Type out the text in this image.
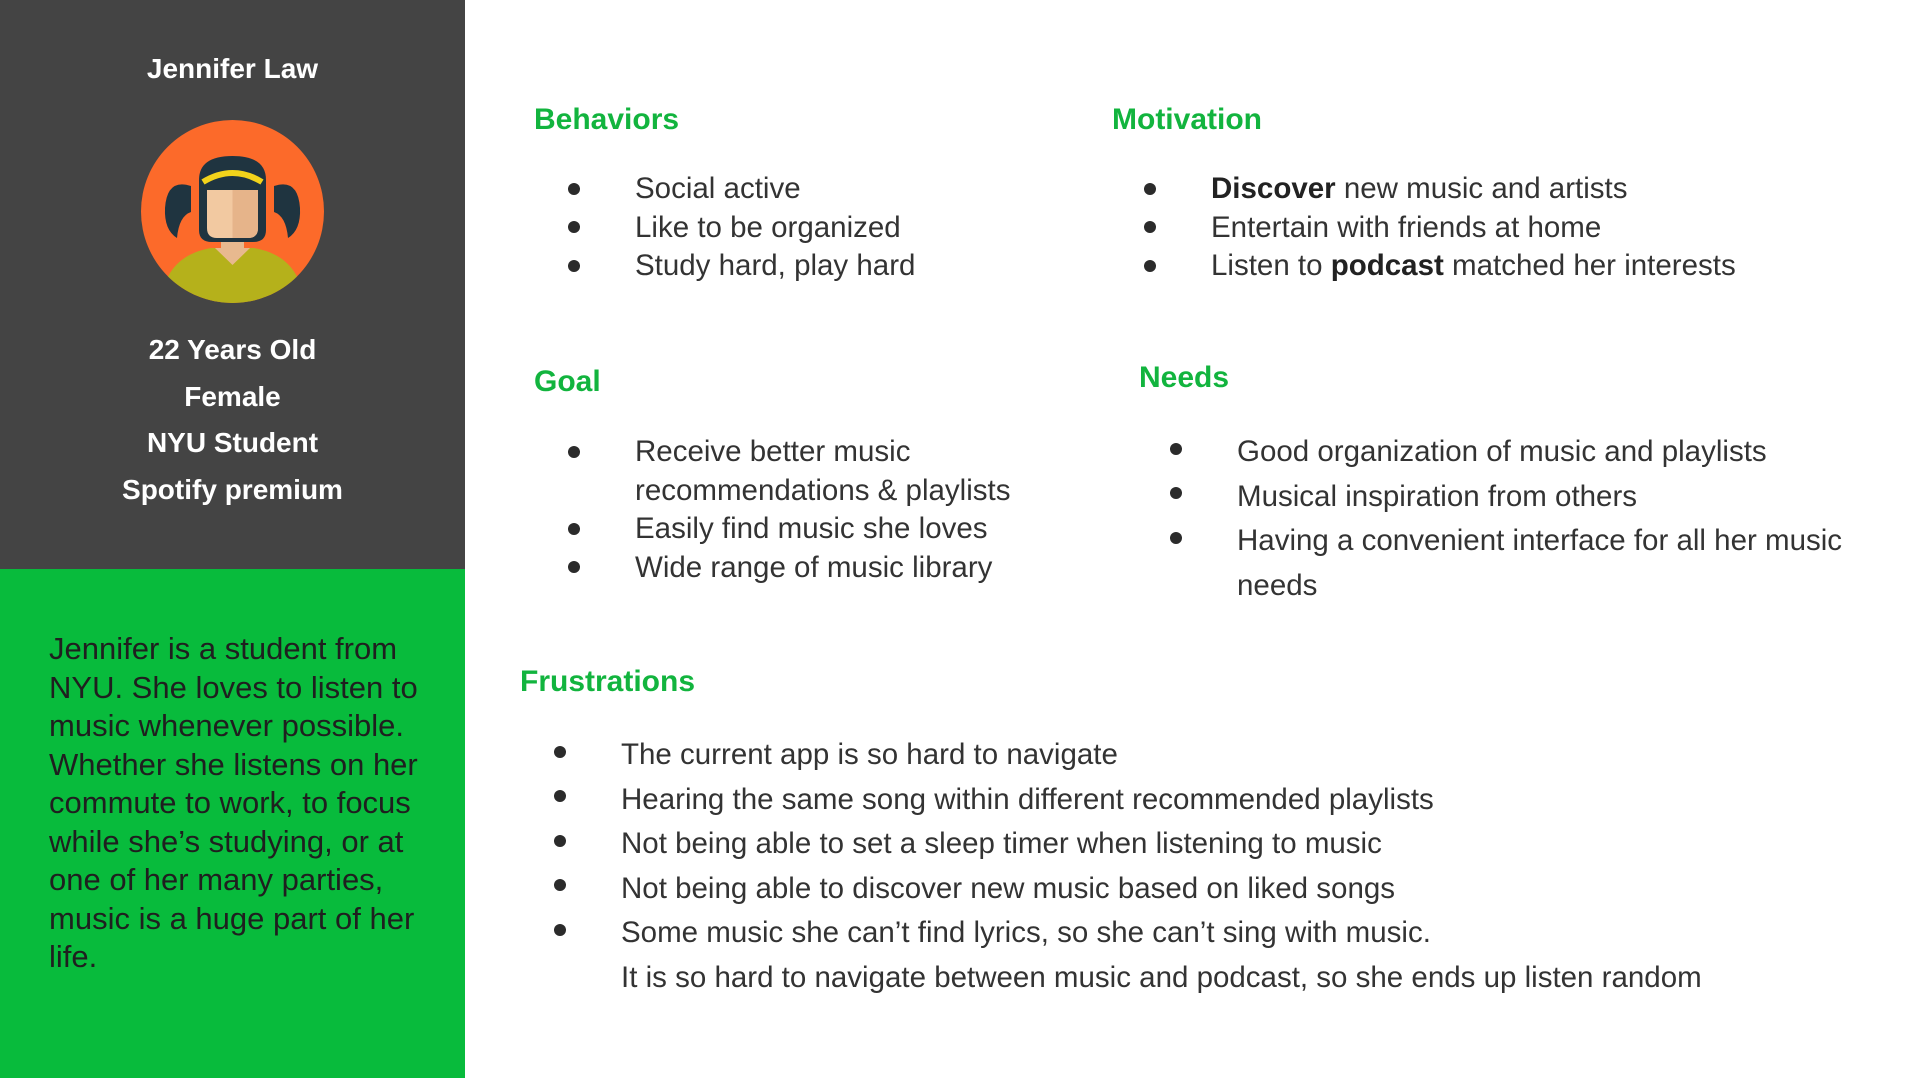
Jennifer Law
22 Years Old
Female
NYU Student
Spotify premium

Jennifer is a student from NYU. She loves to listen to music whenever possible. Whether she listens on her commute to work, to focus while she’s studying, or at one of her many parties, music is a huge part of her life.

Behaviors
Social active
Like to be organized
Study hard, play hard
Motivation
Discover new music and artists
Entertain with friends at home
Listen to podcast matched her interests
Goal
Receive better music recommendations & playlists
Easily find music she loves
Wide range of music library
Needs
Good organization of music and playlists
Musical inspiration from others
Having a convenient interface for all her music needs
Frustrations
The current app is so hard to navigate
Hearing the same song within different recommended playlists
Not being able to set a sleep timer when listening to music
Not being able to discover new music based on liked songs
Some music she can’t find lyrics, so she can’t sing with music.
It is so hard to navigate between music and podcast, so she ends up listen random
